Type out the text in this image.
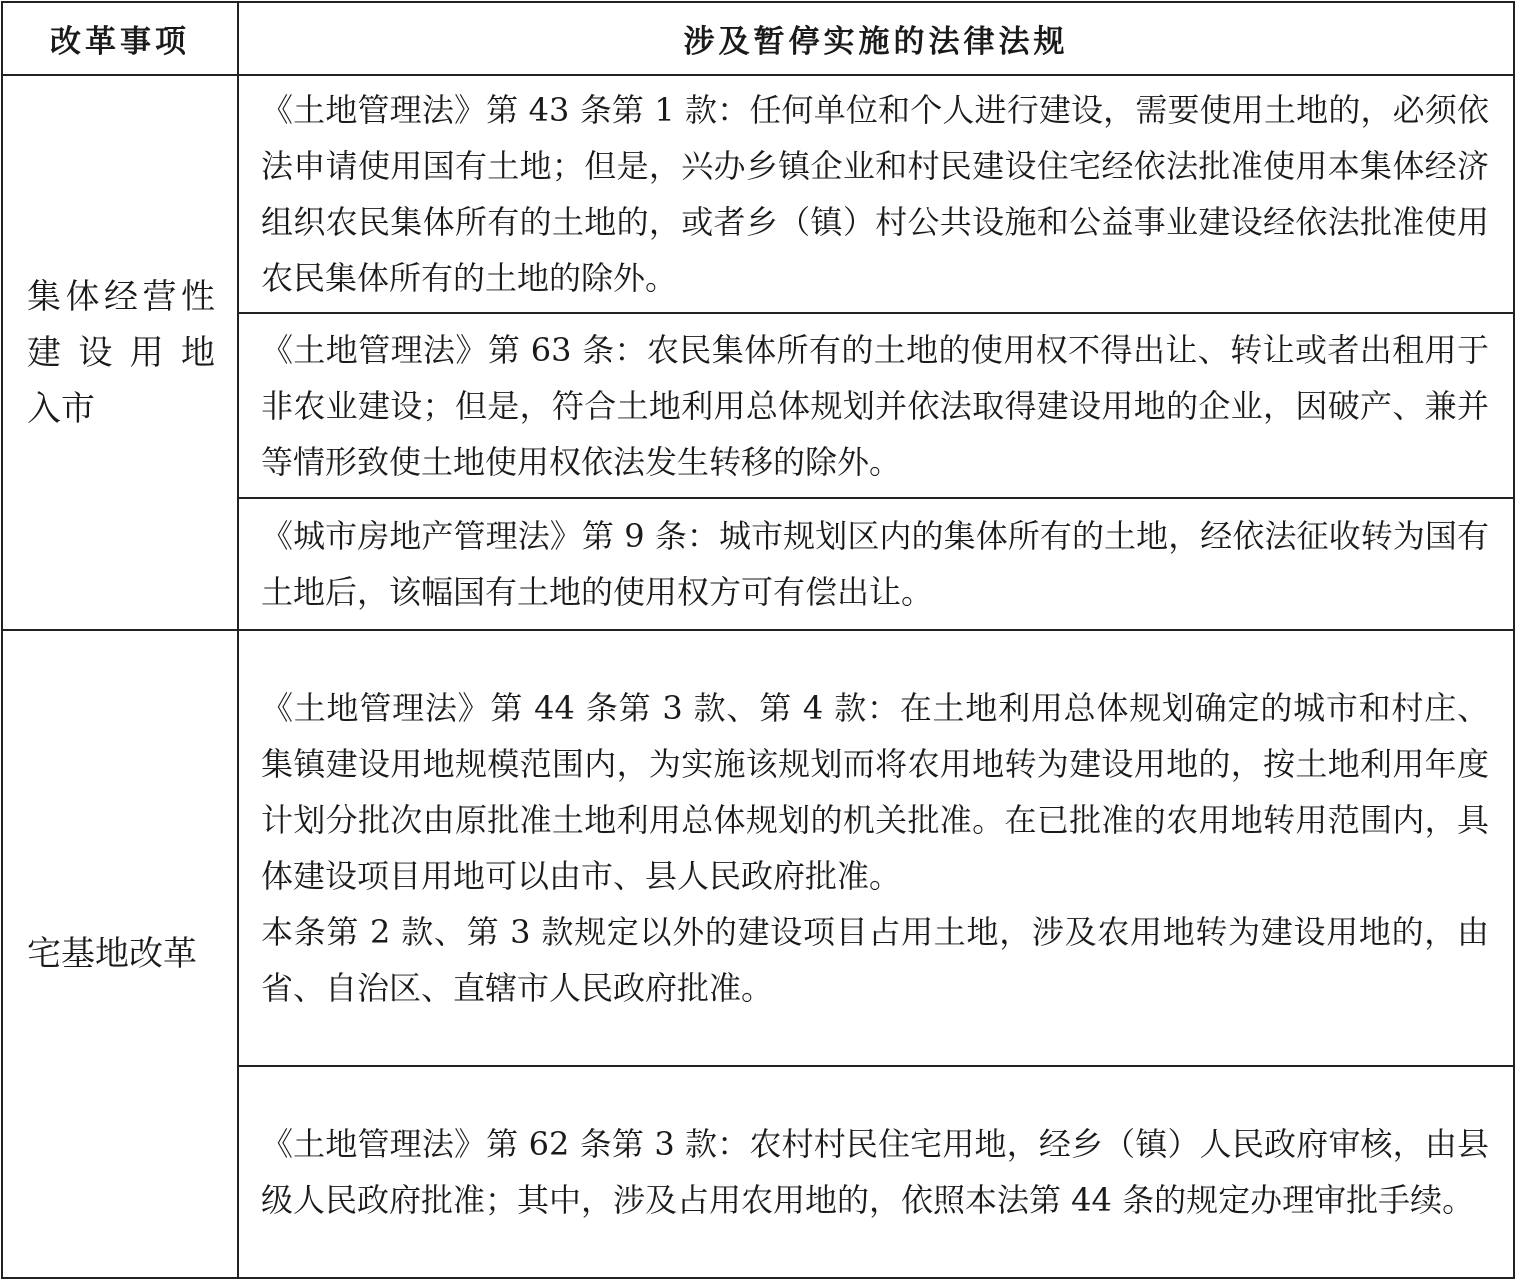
改革事项	涉及暂停实施的法律法规

集体经营性
建设用地
入市	《土地管理法》第 43 条第 1 款：任何单位和个人进行建设，需要使用土地的，必须依法申请使用国有土地；但是，兴办乡镇企业和村民建设住宅经依法批准使用本集体经济组织农民集体所有的土地的，或者乡（镇）村公共设施和公益事业建设经依法批准使用农民集体所有的土地的除外。

	《土地管理法》第 63 条：农民集体所有的土地的使用权不得出让、转让或者出租用于非农业建设；但是，符合土地利用总体规划并依法取得建设用地的企业，因破产、兼并等情形致使土地使用权依法发生转移的除外。

	《城市房地产管理法》第 9 条：城市规划区内的集体所有的土地，经依法征收转为国有土地后，该幅国有土地的使用权方可有偿出让。

宅基地改革	《土地管理法》第 44 条第 3 款、第 4 款：在土地利用总体规划确定的城市和村庄、集镇建设用地规模范围内，为实施该规划而将农用地转为建设用地的，按土地利用年度计划分批次由原批准土地利用总体规划的机关批准。在已批准的农用地转用范围内，具体建设项目用地可以由市、县人民政府批准。

本条第 2 款、第 3 款规定以外的建设项目占用土地，涉及农用地转为建设用地的，由省、自治区、直辖市人民政府批准。

	《土地管理法》第 62 条第 3 款：农村村民住宅用地，经乡（镇）人民政府审核，由县级人民政府批准；其中，涉及占用农用地的，依照本法第 44 条的规定办理审批手续。
